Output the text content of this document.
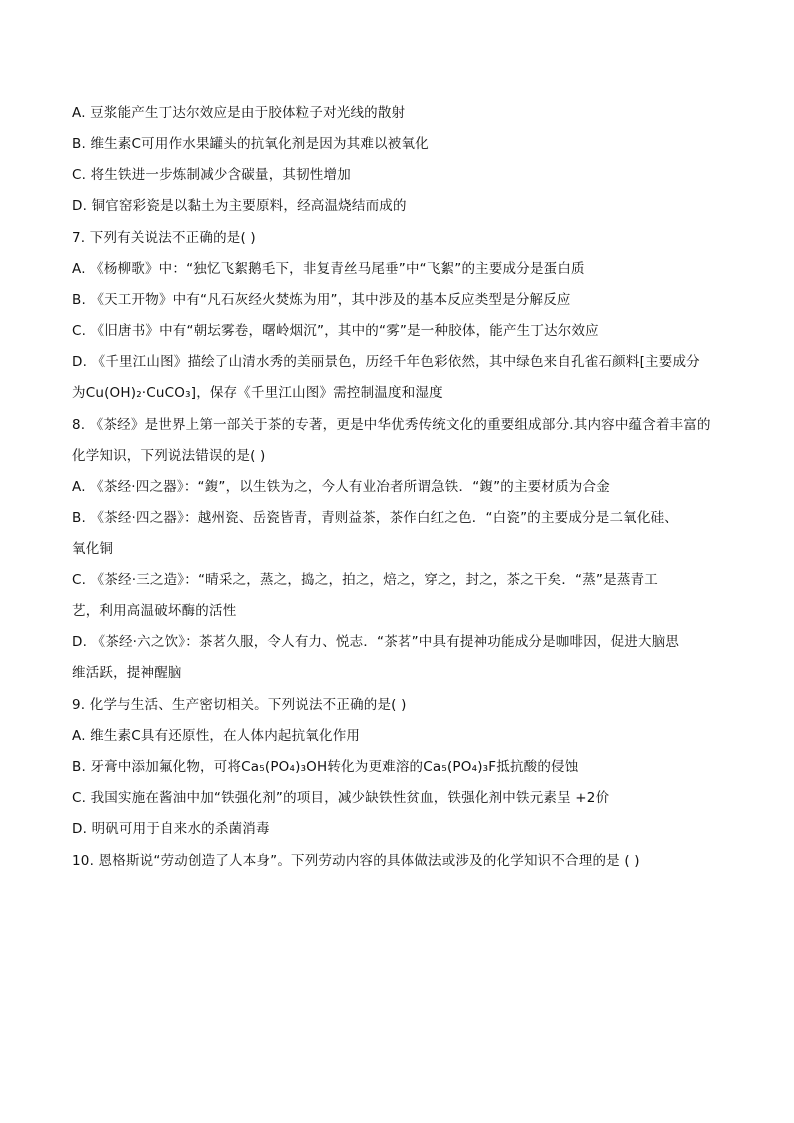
A. 豆浆能产生丁达尔效应是由于胶体粒子对光线的散射
B. 维生素C可用作水果罐头的抗氧化剂是因为其难以被氧化
C. 将生铁进一步炼制减少含碳量，其韧性增加
D. 铜官窑彩瓷是以黏土为主要原料，经高温烧结而成的
7. 下列有关说法不正确的是( )
A. 《杨柳歌》中：“独忆飞絮鹅毛下，非复青丝马尾垂”中“飞絮”的主要成分是蛋白质
B. 《天工开物》中有“凡石灰经火焚炼为用”，其中涉及的基本反应类型是分解反应
C. 《旧唐书》中有“朝坛雾卷，曙岭烟沉”，其中的“雾”是一种胶体，能产生丁达尔效应
D. 《千里江山图》描绘了山清水秀的美丽景色，历经千年色彩依然，其中绿色来自孔雀石颜料[主要成分
为Cu(OH)₂·CuCO₃]，保存《千里江山图》需控制温度和湿度
8. 《茶经》是世界上第一部关于茶的专著，更是中华优秀传统文化的重要组成部分.其内容中蕴含着丰富的
化学知识，下列说法错误的是( )
A. 《茶经·四之器》：“鍑”，以生铁为之，今人有业冶者所谓急铁．“鍑”的主要材质为合金
B. 《茶经·四之器》：越州瓷、岳瓷皆青，青则益茶，茶作白红之色．“白瓷”的主要成分是二氧化硅、
氧化铜
C. 《茶经·三之造》：“晴采之，蒸之，捣之，拍之，焙之，穿之，封之，茶之干矣．“蒸”是蒸青工
艺，利用高温破坏酶的活性
D. 《茶经·六之饮》：茶茗久服，令人有力、悦志．“茶茗”中具有提神功能成分是咖啡因，促进大脑思
维活跃，提神醒脑
9. 化学与生活、生产密切相关。下列说法不正确的是( )
A. 维生素C具有还原性，在人体内起抗氧化作用
B. 牙膏中添加氟化物，可将Ca₅(PO₄)₃OH转化为更难溶的Ca₅(PO₄)₃F抵抗酸的侵蚀
C. 我国实施在酱油中加“铁强化剂”的项目，减少缺铁性贫血，铁强化剂中铁元素呈 +2价
D. 明矾可用于自来水的杀菌消毒
10. 恩格斯说“劳动创造了人本身”。下列劳动内容的具体做法或涉及的化学知识不合理的是 ( )
